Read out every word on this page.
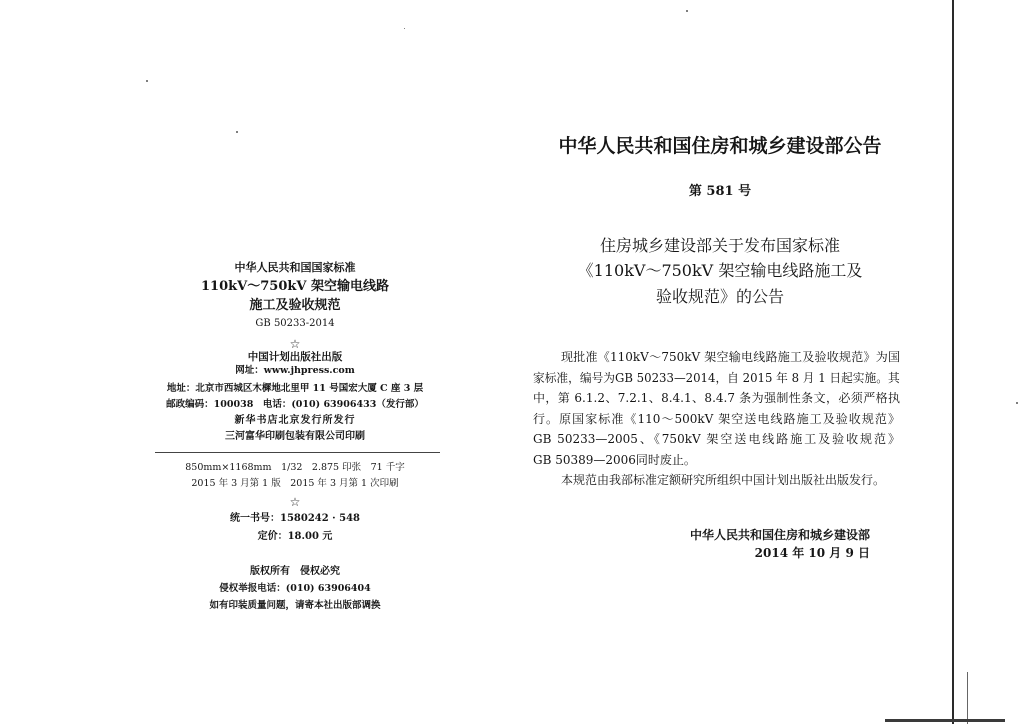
中华人民共和国国家标准
110kV～750kV 架空输电线路
施工及验收规范
GB 50233-2014
☆
中国计划出版社出版
网址：www.jhpress.com
地址：北京市西城区木樨地北里甲 11 号国宏大厦 C 座 3 层
邮政编码：100038　电话：(010) 63906433（发行部）
新华书店北京发行所发行
三河富华印刷包装有限公司印刷
850mm×1168mm　1/32　2.875 印张　71 千字
2015 年 3 月第 1 版　2015 年 3 月第 1 次印刷
☆
统一书号：1580242 · 548
定价：18.00 元
版权所有　侵权必究
侵权举报电话：(010) 63906404
如有印装质量问题，请寄本社出版部调换
中华人民共和国住房和城乡建设部公告
第 581 号
住房城乡建设部关于发布国家标准
《110kV～750kV 架空输电线路施工及
验收规范》的公告
现批准《110kV～750kV 架空输电线路施工及验收规范》为国
家标准，编号为GB 50233—2014，自 2015 年 8 月 1 日起实施。其
中，第 6.1.2、7.2.1、8.4.1、8.4.7 条为强制性条文，必须严格执
行。原国家标准《110～500kV 架空送电线路施工及验收规范》
GB 50233—2005、《750kV 架空送电线路施工及验收规范》
GB 50389—2006同时废止。
本规范由我部标准定额研究所组织中国计划出版社出版发行。
中华人民共和国住房和城乡建设部
2014 年 10 月 9 日
